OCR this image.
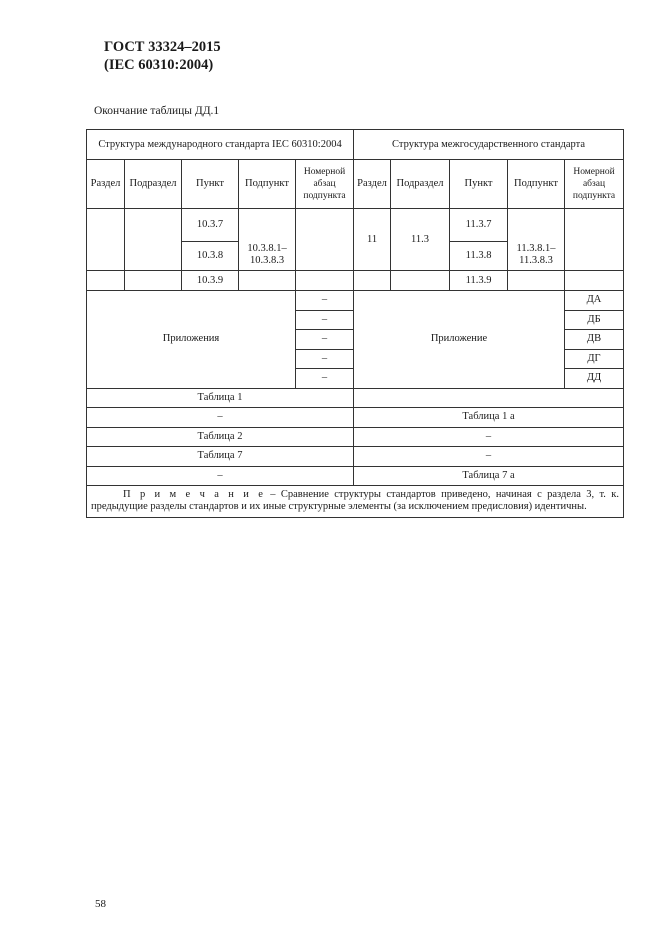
ГОСТ 33324–2015
(IEC 60310:2004)
Окончание таблицы ДД.1
Структура международного стандарта IEC 60310:2004					Структура межгосударственного стандарта				
Раздел	Подраздел	Пункт	Подпункт	Номерной абзац подпункта	Раздел	Подраздел	Пункт	Подпункт	Номерной абзац подпункта
		10.3.7	10.3.8.1–10.3.8.3		11	11.3	11.3.7	11.3.8.1–11.3.8.3	
		10.3.8					11.3.8		
		10.3.9					11.3.9		
Приложения				–	Приложение				ДА
				–					ДБ
				–					ДВ
				–					ДГ
				–					ДД
Таблица 1									
–					Таблица 1 а				
Таблица 2					–				
Таблица 7					–				
–					Таблица 7 а				
П р и м е ч а н и е – Сравнение структуры стандартов приведено, начиная с раздела 3, т. к. предыдущие разделы стандартов и их иные структурные элементы (за исключением предисловия) идентичны.									
58
